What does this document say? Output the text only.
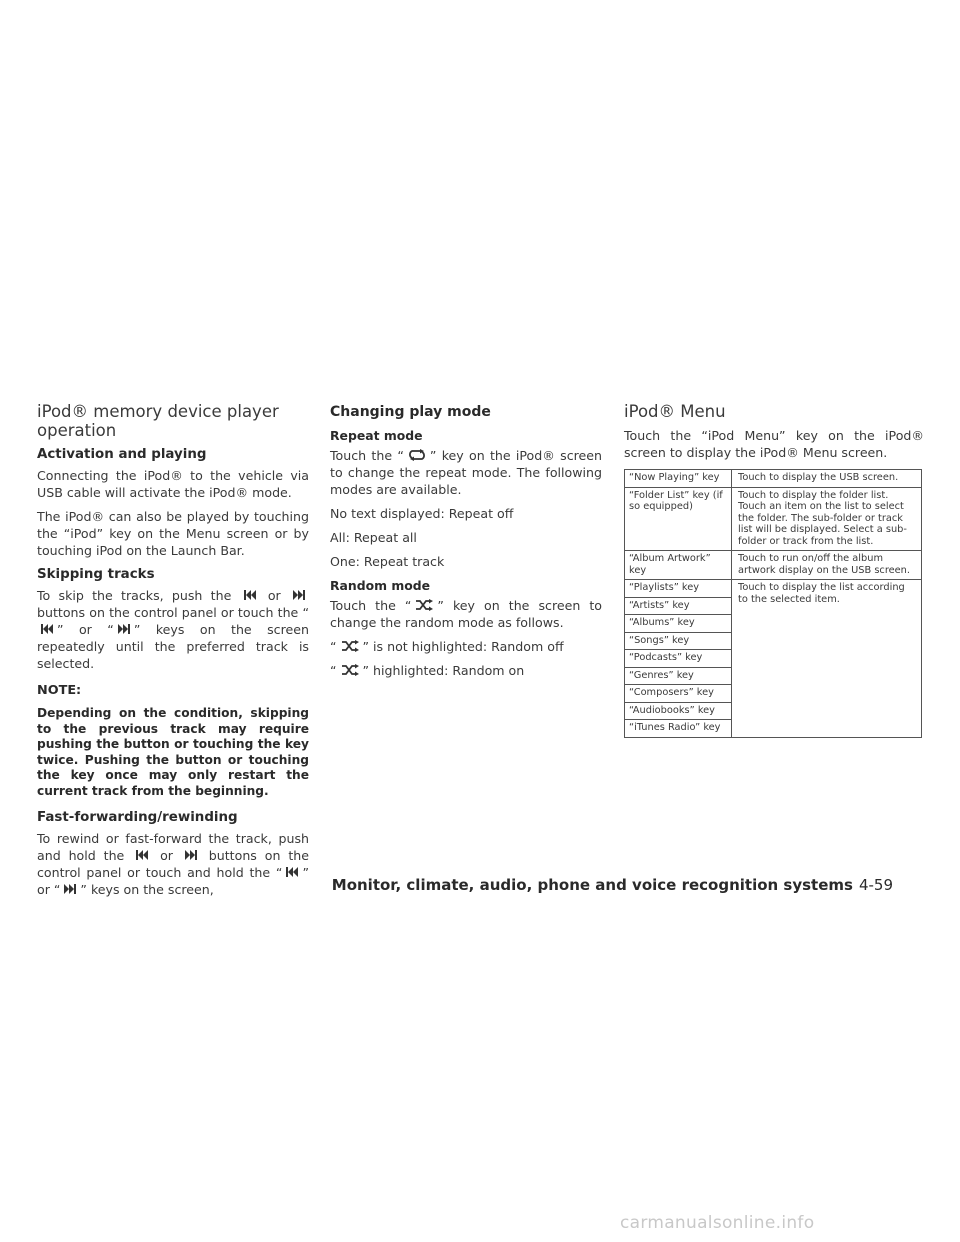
iPod® memory device player operation
Activation and playing

Connecting the iPod® to the vehicle via USB cable will activate the iPod® mode.

The iPod® can also be played by touching the “iPod” key on the Menu screen or by touching iPod on the Launch Bar.

Skipping tracks

To skip the tracks, push the	or
buttons on the control panel or touch the “
” or “ ” keys on the screen repeatedly until the preferred track is selected.

NOTE:
Depending on the condition, skipping to the previous track may require pushing the button or touching the key twice. Pushing the button or touching the key once may only restart the current track from the beginning.
Fast-forwarding/rewinding

To rewind or fast-forward the track, push and hold the	or	buttons on the control panel or touch and hold the “ ” or “ ” keys on the screen,

Changing play mode
Repeat mode

Touch the “ ” key on the iPod® screen to change the repeat mode. The following modes are available.

No text displayed: Repeat off

All: Repeat all

One: Repeat track

Random mode

Touch the “ ” key on the screen to change the random mode as follows.

“ ” is not highlighted: Random off

“ ” highlighted: Random on

iPod® Menu

Touch the “iPod Menu” key on the iPod® screen to display the iPod® Menu screen.

“Now Playing” key	Touch to display the USB screen.
“Folder List” key (if so equipped)	Touch to display the folder list. Touch an item on the list to select the folder. The sub-folder or track list will be displayed. Select a sub-folder or track from the list.
“Album Artwork” key	Touch to run on/off the album artwork display on the USB screen.
“Playlists” key	Touch to display the list according to the selected item.
“Artists” key	
“Albums” key	
“Songs” key	
“Podcasts” key	
“Genres” key	
“Composers” key	
“Audiobooks” key	
“iTunes Radio” key	
Monitor, climate, audio, phone and voice recognition systems 4-59
carmanualsonline.info
